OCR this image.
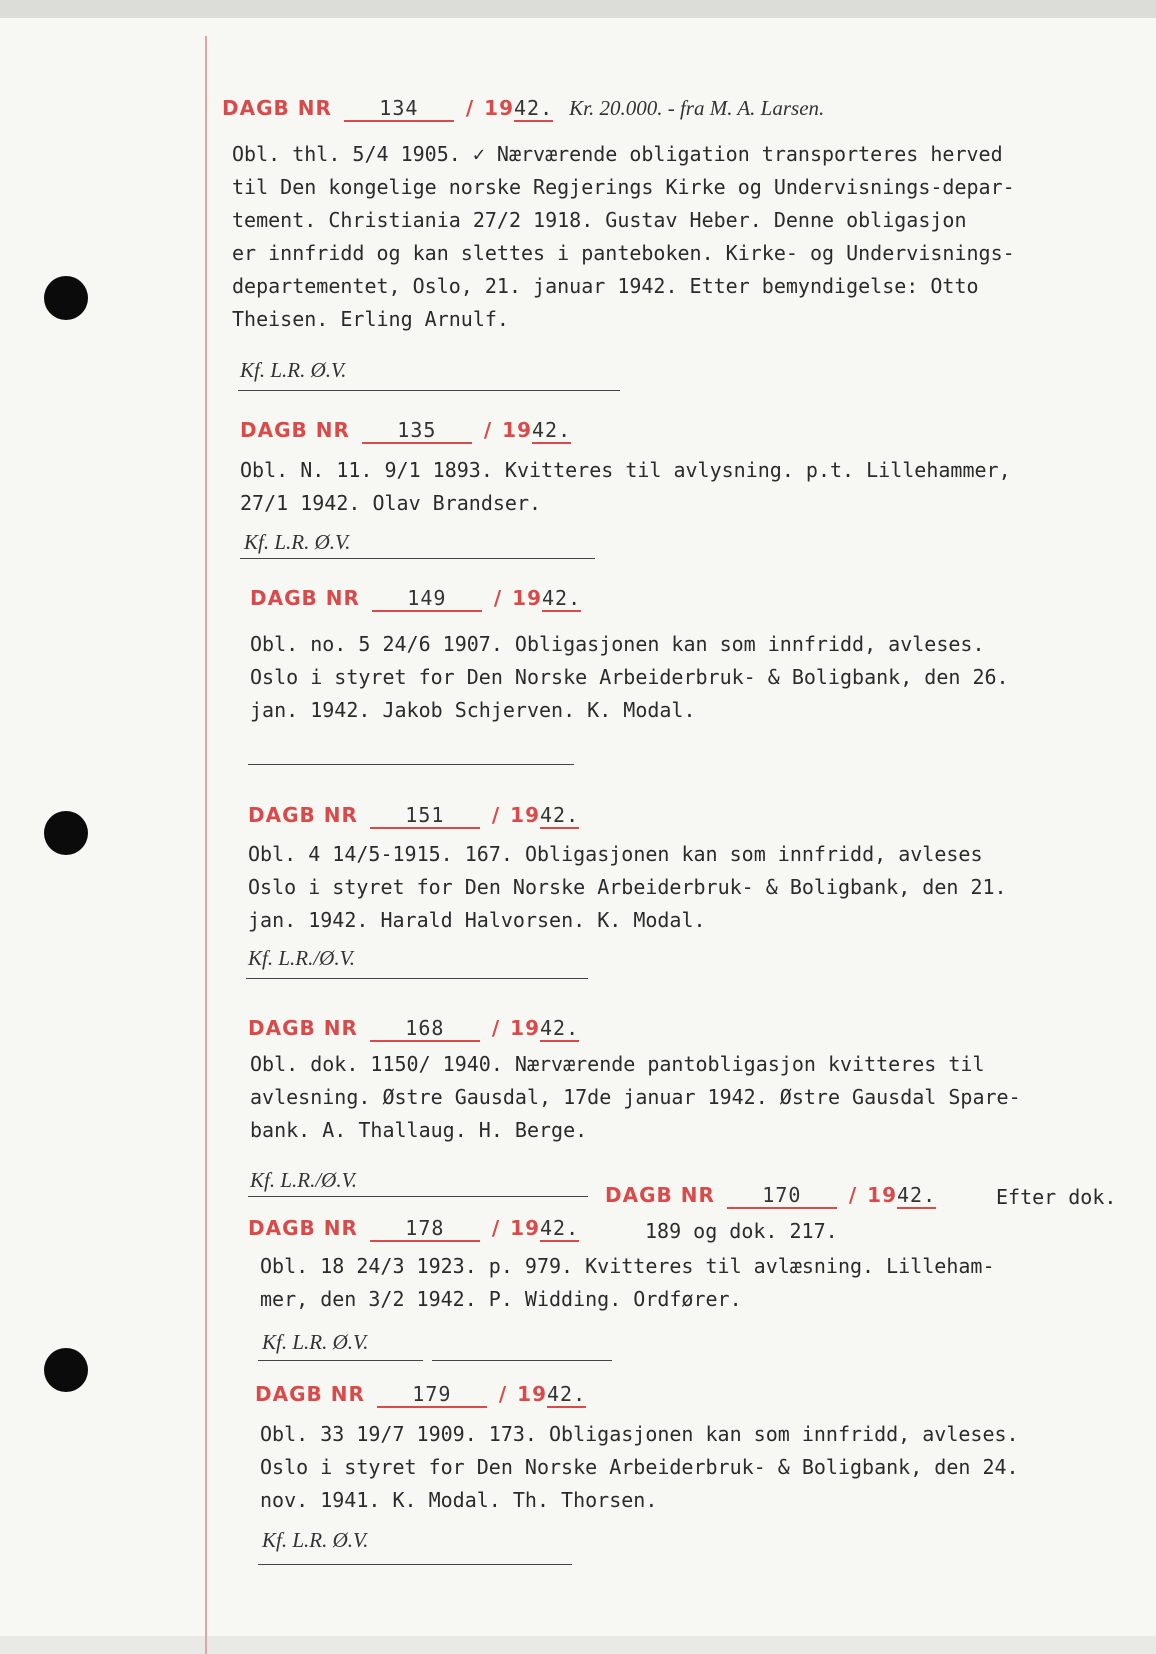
DAGB NR 134 / 1942. Kr. 20.000. - fra M. A. Larsen.
Obl. thl. 5/4 1905. ✓ Nærværende obligation transporteres herved
til Den kongelige norske Regjerings Kirke og Undervisnings-depar-
tement. Christiania 27/2 1918. Gustav Heber. Denne obligasjon
er innfridd og kan slettes i panteboken. Kirke- og Undervisnings-
departementet, Oslo, 21. januar 1942. Etter bemyndigelse: Otto
Theisen. Erling Arnulf.
Kf. L.R. Ø.V.
DAGB NR 135 / 1942.
Obl. N. 11. 9/1 1893. Kvitteres til avlysning. p.t. Lillehammer,
27/1 1942. Olav Brandser.
Kf. L.R. Ø.V.
DAGB NR 149 / 1942.
Obl. no. 5 24/6 1907. Obligasjonen kan som innfridd, avleses.
Oslo i styret for Den Norske Arbeiderbruk- & Boligbank, den 26.
jan. 1942. Jakob Schjerven. K. Modal.
DAGB NR 151 / 1942.
Obl. 4 14/5-1915. 167. Obligasjonen kan som innfridd, avleses
Oslo i styret for Den Norske Arbeiderbruk- & Boligbank, den 21.
jan. 1942. Harald Halvorsen. K. Modal.
Kf. L.R./Ø.V.
DAGB NR 168 / 1942.
Obl. dok. 1150/ 1940. Nærværende pantobligasjon kvitteres til
avlesning. Østre Gausdal, 17de januar 1942. Østre Gausdal Spare-
bank. A. Thallaug. H. Berge.
Kf. L.R./Ø.V.
DAGB NR 170 / 1942.	Efter dok.
DAGB NR 178 / 1942.	189 og dok. 217.
Obl. 18 24/3 1923. p. 979. Kvitteres til avlæsning. Lilleham-
mer, den 3/2 1942. P. Widding. Ordfører.
Kf. L.R. Ø.V.
DAGB NR 179 / 1942.
Obl. 33 19/7 1909. 173. Obligasjonen kan som innfridd, avleses.
Oslo i styret for Den Norske Arbeiderbruk- & Boligbank, den 24.
nov. 1941. K. Modal. Th. Thorsen.
Kf. L.R. Ø.V.
